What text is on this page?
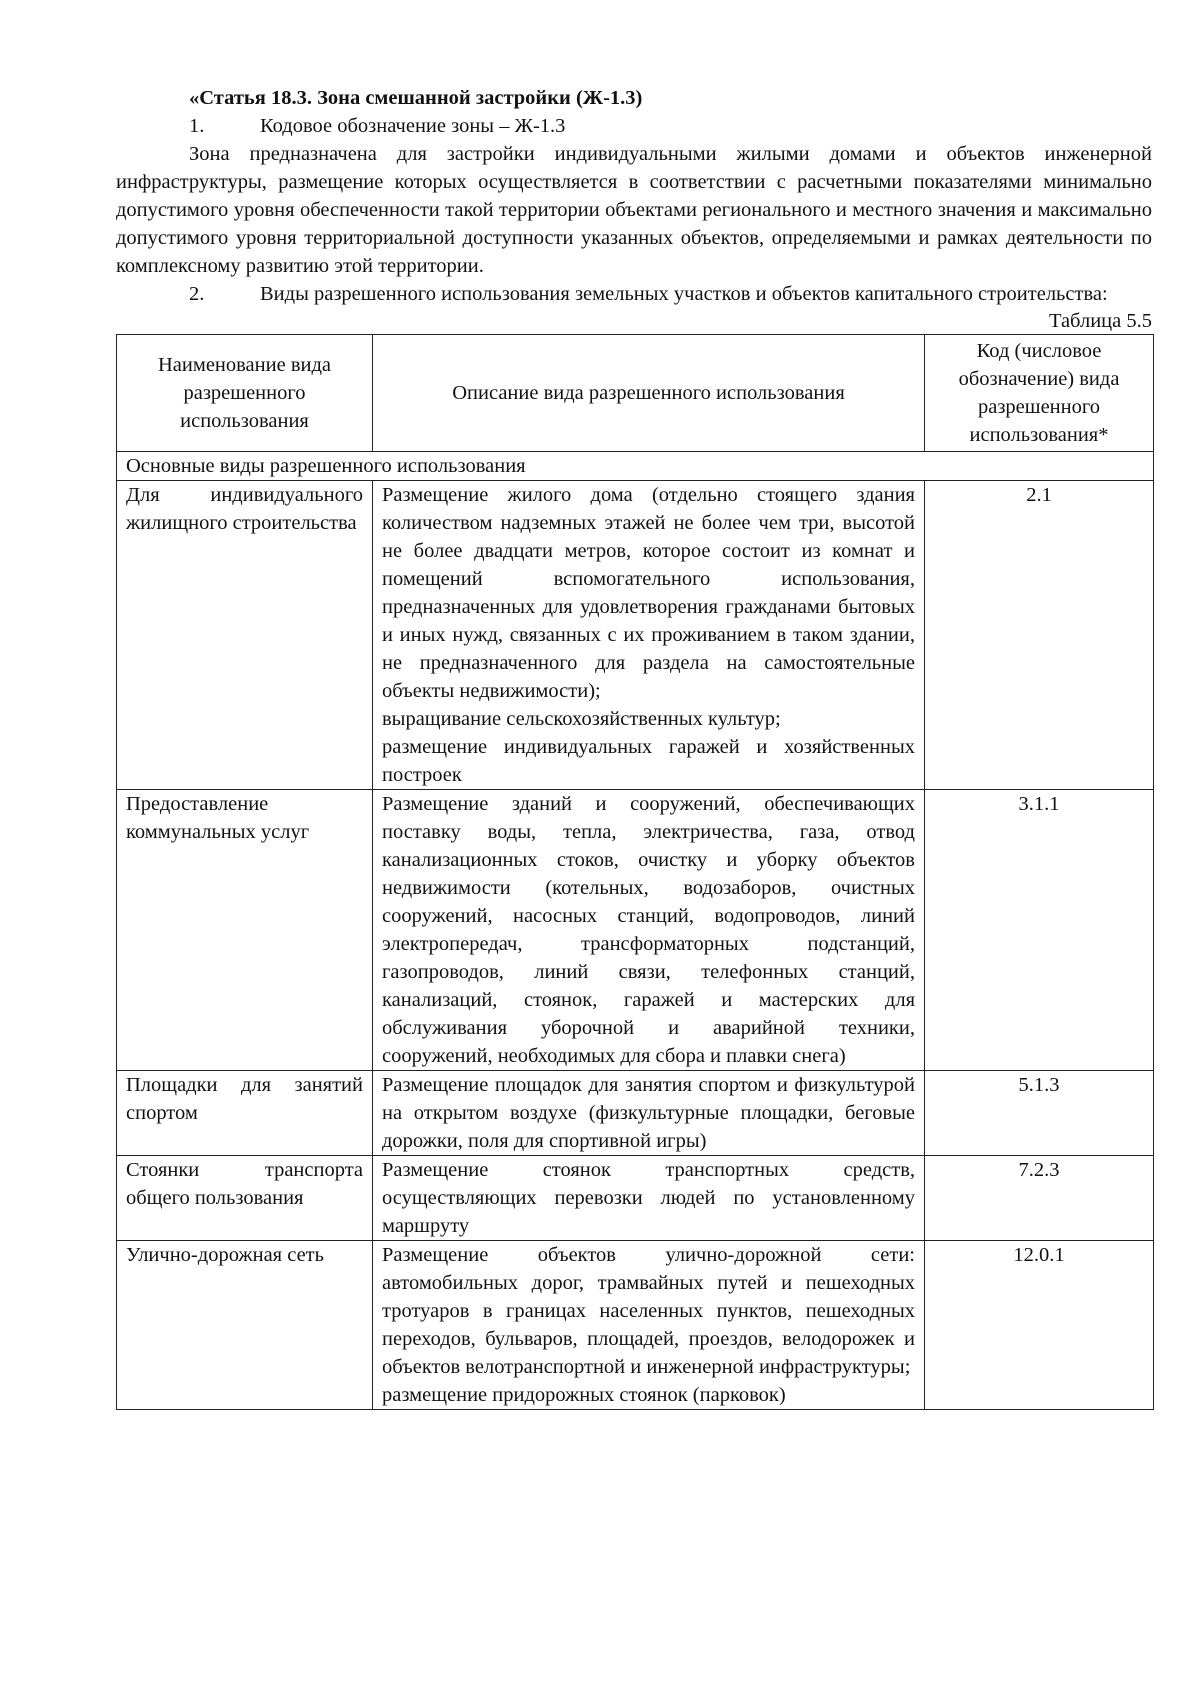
«Статья 18.3. Зона смешанной застройки (Ж-1.3)

1.	Кодовое обозначение зоны – Ж-1.3

Зона предназначена для застройки индивидуальными жилыми домами и объектов инженерной инфраструктуры, размещение которых осуществляется в соответствии с расчетными показателями минимально допустимого уровня обеспеченности такой территории объектами регионального и местного значения и максимально допустимого уровня территориальной доступности указанных объектов, определяемыми и рамках деятельности по комплексному развитию этой территории.

2.	Виды разрешенного использования земельных участков и объектов капитального строительства:

Таблица 5.5

Наименование вида разрешенного использования	Описание вида разрешенного использования	Код (числовое обозначение) вида разрешенного использования*
Основные виды разрешенного использования		
Для индивидуального жилищного строительства	Размещение жилого дома (отдельно стоящего здания количеством надземных этажей не более чем три, высотой не более двадцати метров, которое состоит из комнат и помещений вспомогательного использования, предназначенных для удовлетворения гражданами бытовых и иных нужд, связанных с их проживанием в таком здании, не предназначенного для раздела на самостоятельные объекты недвижимости);
выращивание сельскохозяйственных культур;
размещение индивидуальных гаражей и хозяйственных построек	2.1
Предоставление коммунальных услуг	Размещение зданий и сооружений, обеспечивающих поставку воды, тепла, электричества, газа, отвод канализационных стоков, очистку и уборку объектов недвижимости (котельных, водозаборов, очистных сооружений, насосных станций, водопроводов, линий электропередач, трансформаторных подстанций, газопроводов, линий связи, телефонных станций, канализаций, стоянок, гаражей и мастерских для обслуживания уборочной и аварийной техники, сооружений, необходимых для сбора и плавки снега)	3.1.1
Площадки для занятий спортом	Размещение площадок для занятия спортом и физкультурой на открытом воздухе (физкультурные площадки, беговые дорожки, поля для спортивной игры)	5.1.3
Стоянки транспорта общего пользования	Размещение стоянок транспортных средств, осуществляющих перевозки людей по установленному маршруту	7.2.3
Улично-дорожная сеть	Размещение объектов улично-дорожной сети: автомобильных дорог, трамвайных путей и пешеходных тротуаров в границах населенных пунктов, пешеходных переходов, бульваров, площадей, проездов, велодорожек и объектов велотранспортной и инженерной инфраструктуры;
размещение придорожных стоянок (парковок)	12.0.1
